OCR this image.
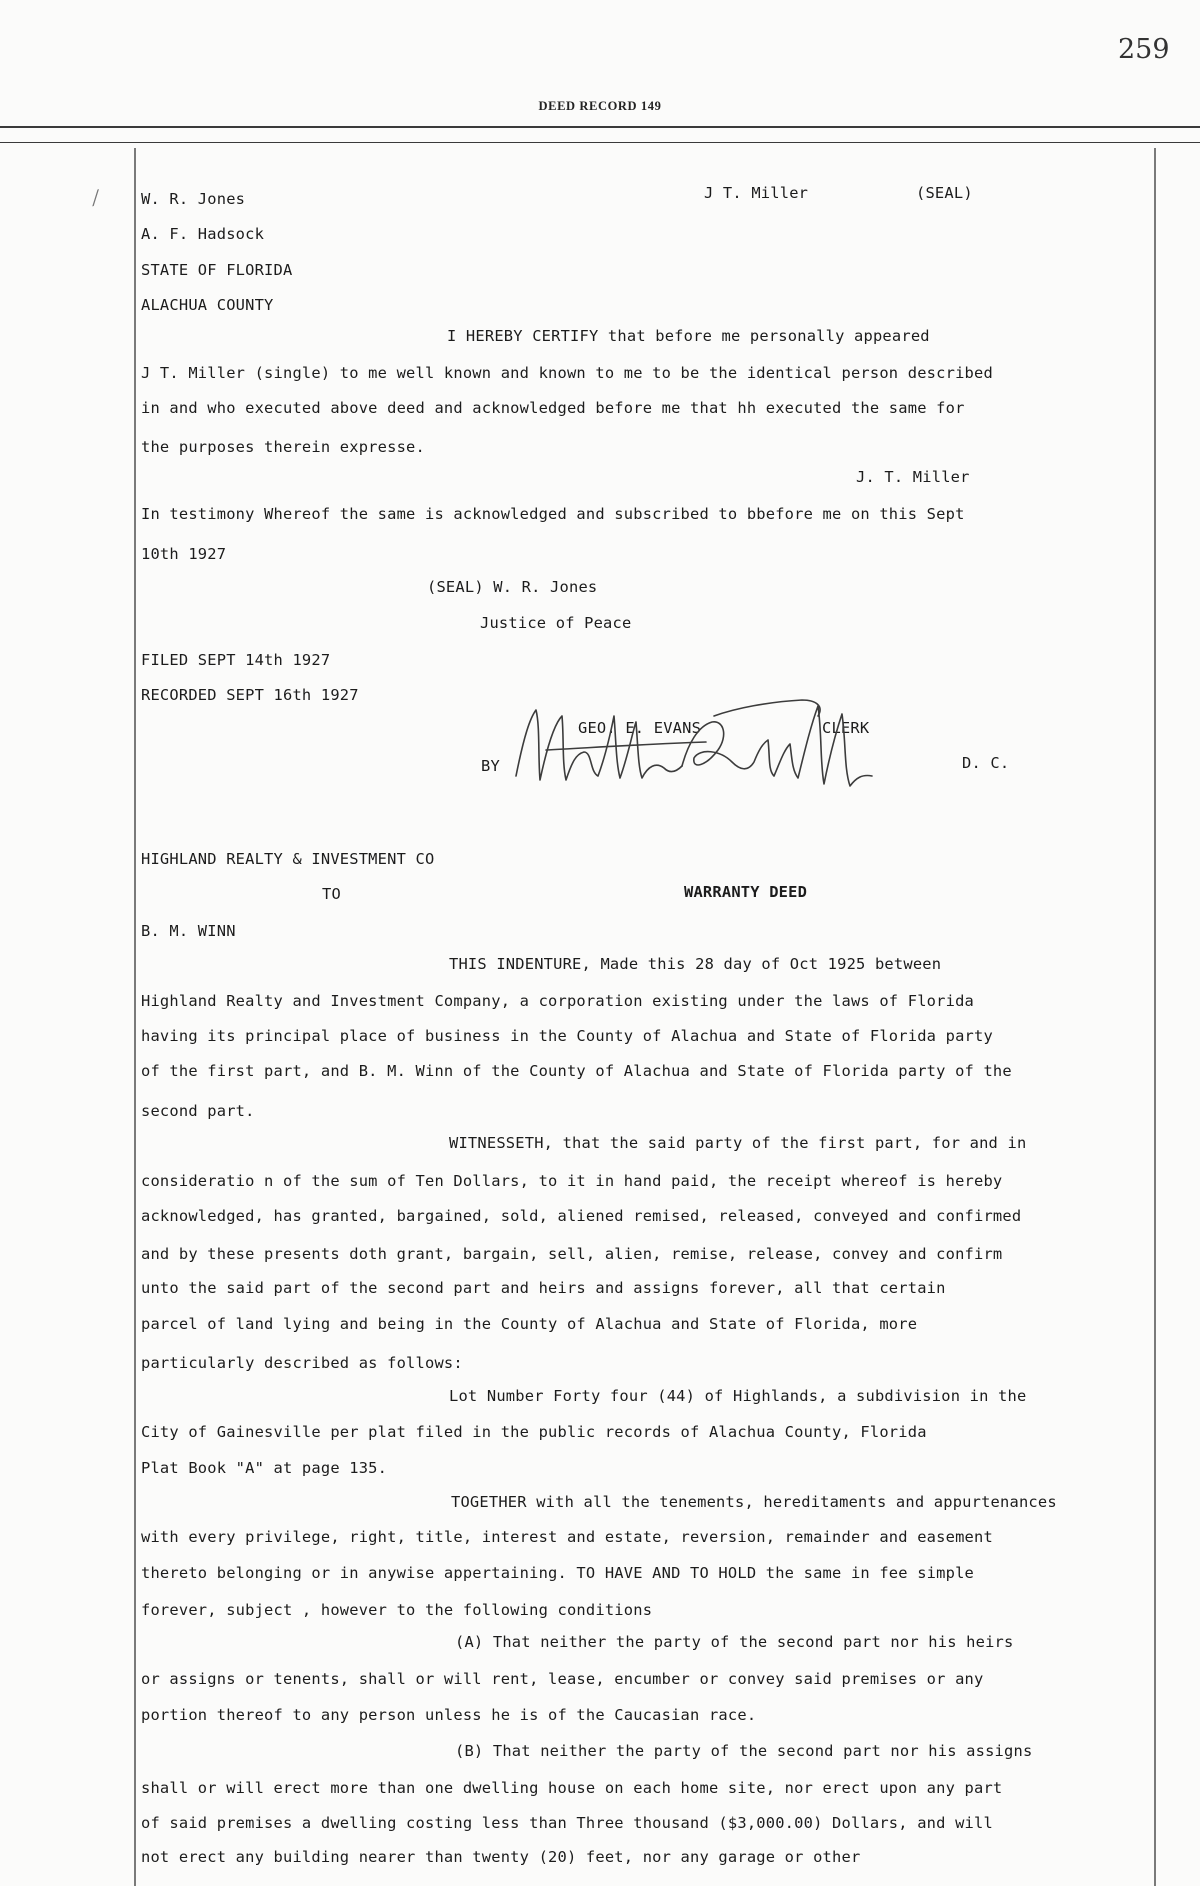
259
DEED RECORD 149
⁄	W. R. Jones	J T. Miller	(SEAL)
A. F. Hadsock
STATE OF FLORIDA
ALACHUA COUNTY
I HEREBY CERTIFY that before me personally appeared
J T. Miller (single) to me well known and known to me to be the identical person described
in and who executed above deed and acknowledged before me that hh executed the same for
the purposes therein expresse.
J. T. Miller
In testimony Whereof the same is acknowledged and subscribed to bbefore me on this Sept
10th 1927
(SEAL) W. R. Jones
Justice of Peace
FILED SEPT 14th 1927
RECORDED SEPT 16th 1927
GEO. E. EVANS	CLERK
BY	D. C.
HIGHLAND REALTY & INVESTMENT CO
TO	WARRANTY DEED
B. M. WINN
THIS INDENTURE, Made this 28 day of Oct 1925 between
Highland Realty and Investment Company, a corporation existing under the laws of Florida
having its principal place of business in the County of Alachua and State of Florida party
of the first part, and B. M. Winn of the County of Alachua and State of Florida party of the
second part.
WITNESSETH, that the said party of the first part, for and in
consideratio n of the sum of Ten Dollars, to it in hand paid, the receipt whereof is hereby
acknowledged, has granted, bargained, sold, aliened remised, released, conveyed and confirmed
and by these presents doth grant, bargain, sell, alien, remise, release, convey and confirm
unto the said part of the second part and heirs and assigns forever, all that certain
parcel of land lying and being in the County of Alachua and State of Florida, more
particularly described as follows:
Lot Number Forty four (44) of Highlands, a subdivision in the
City of Gainesville per plat filed in the public records of Alachua County, Florida
Plat Book "A" at page 135.
TOGETHER with all the tenements, hereditaments and appurtenances
with every privilege, right, title, interest and estate, reversion, remainder and easement
thereto belonging or in anywise appertaining. TO HAVE AND TO HOLD the same in fee simple
forever, subject , however to the following conditions
(A) That neither the party of the second part nor his heirs
or assigns or tenents, shall or will rent, lease, encumber or convey said premises or any
portion thereof to any person unless he is of the Caucasian race.
(B) That neither the party of the second part nor his assigns
shall or will erect more than one dwelling house on each home site, nor erect upon any part
of said premises a dwelling costing less than Three thousand ($3,000.00) Dollars, and will
not erect any building nearer than twenty (20) feet, nor any garage or other
